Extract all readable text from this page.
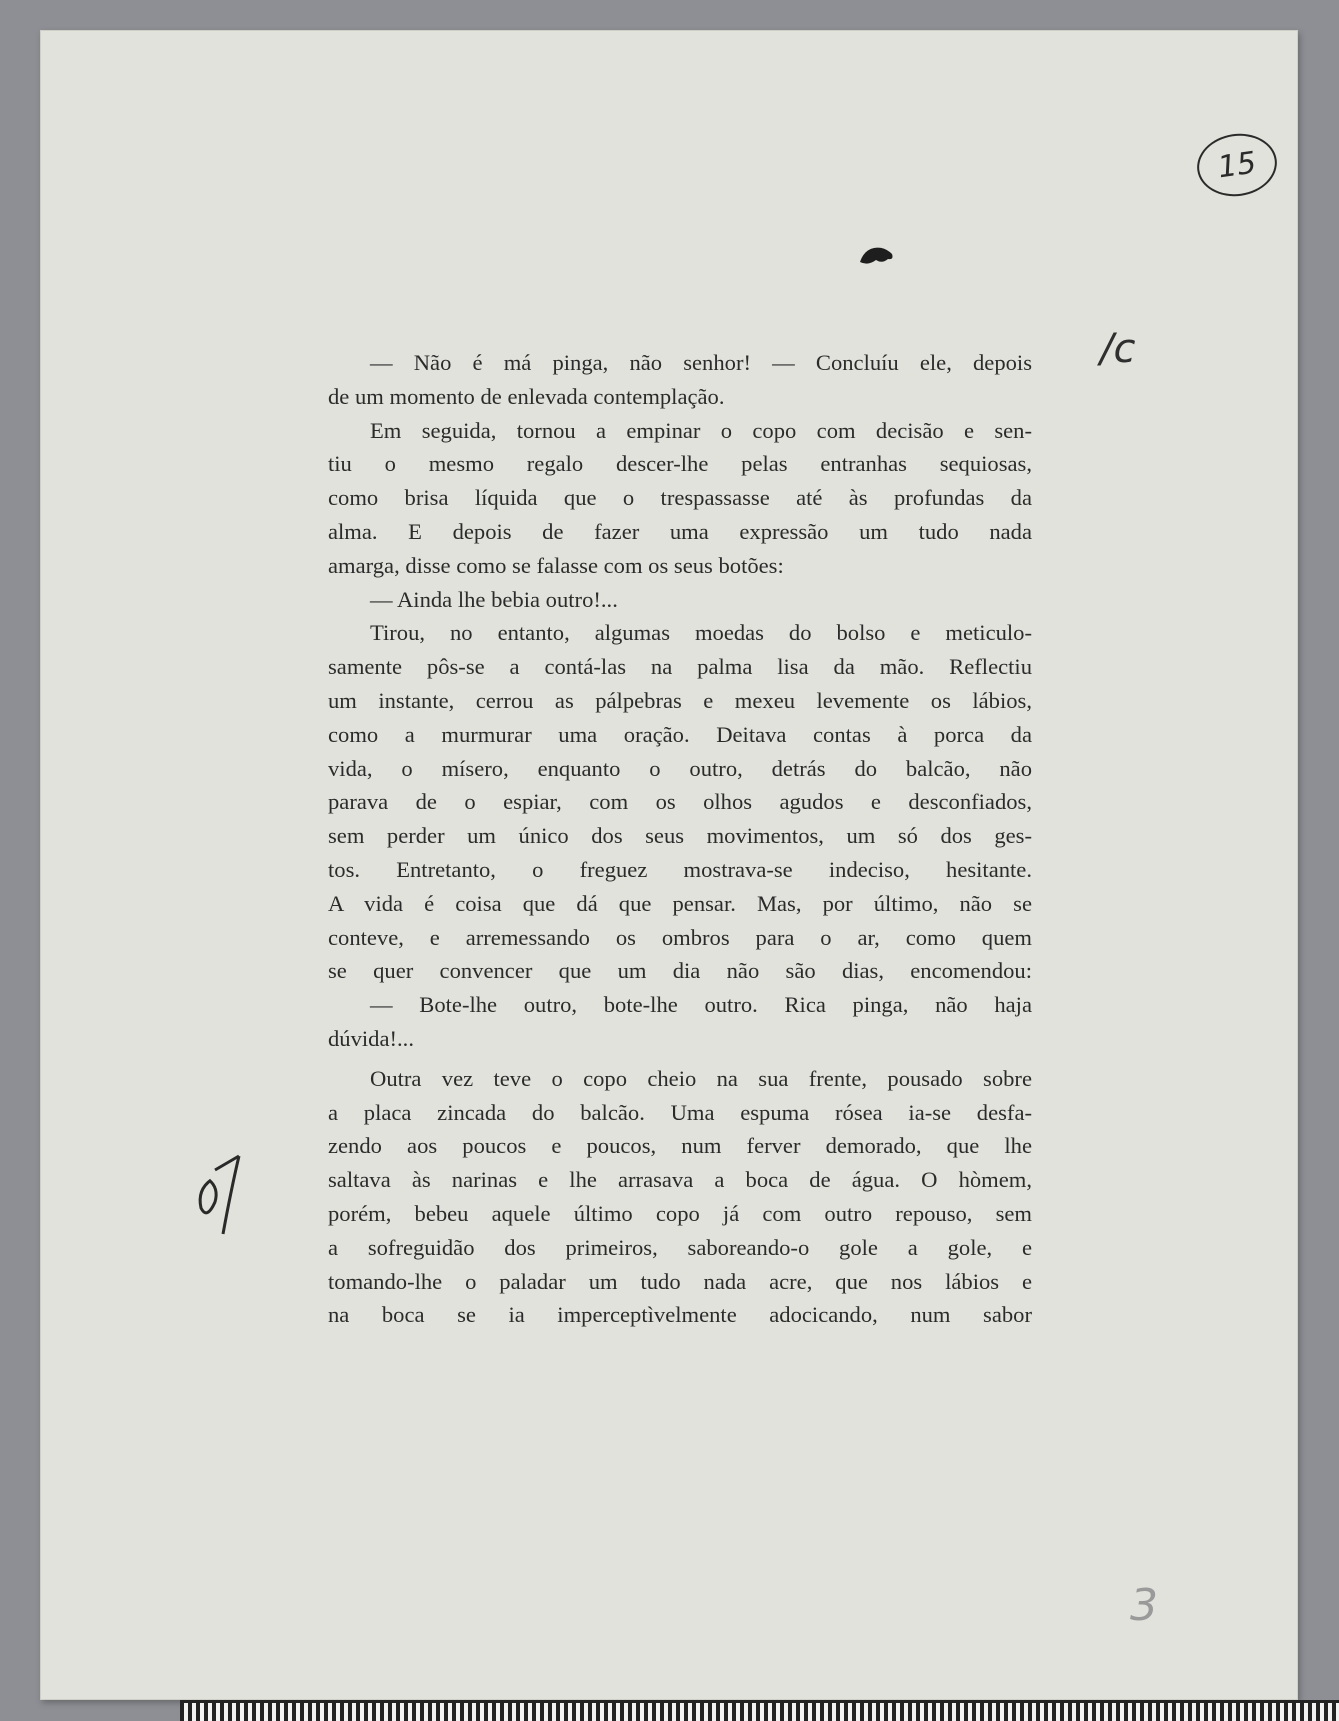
15
/c
3
— Não é má pinga, não senhor! — Concluíu ele, depois
de um momento de enlevada contemplação.
Em seguida, tornou a empinar o copo com decisão e sen-
tiu o mesmo regalo descer-lhe pelas entranhas sequiosas,
como brisa líquida que o trespassasse até às profundas da
alma. E depois de fazer uma expressão um tudo nada
amarga, disse como se falasse com os seus botões:
— Ainda lhe bebia outro!...
Tirou, no entanto, algumas moedas do bolso e meticulo-
samente pôs-se a contá-las na palma lisa da mão. Reflectiu
um instante, cerrou as pálpebras e mexeu levemente os lábios,
como a murmurar uma oração. Deitava contas à porca da
vida, o mísero, enquanto o outro, detrás do balcão, não
parava de o espiar, com os olhos agudos e desconfiados,
sem perder um único dos seus movimentos, um só dos ges-
tos. Entretanto, o freguez mostrava-se indeciso, hesitante.
A vida é coisa que dá que pensar. Mas, por último, não se
conteve, e arremessando os ombros para o ar, como quem
se quer convencer que um dia não são dias, encomendou:
— Bote-lhe outro, bote-lhe outro. Rica pinga, não haja
dúvida!...
Outra vez teve o copo cheio na sua frente, pousado sobre
a placa zincada do balcão. Uma espuma rósea ia-se desfa-
zendo aos poucos e poucos, num ferver demorado, que lhe
saltava às narinas e lhe arrasava a boca de água. O hòmem,
porém, bebeu aquele último copo já com outro repouso, sem
a sofreguidão dos primeiros, saboreando-o gole a gole, e
tomando-lhe o paladar um tudo nada acre, que nos lábios e
na boca se ia imperceptìvelmente adocicando, num sabor
